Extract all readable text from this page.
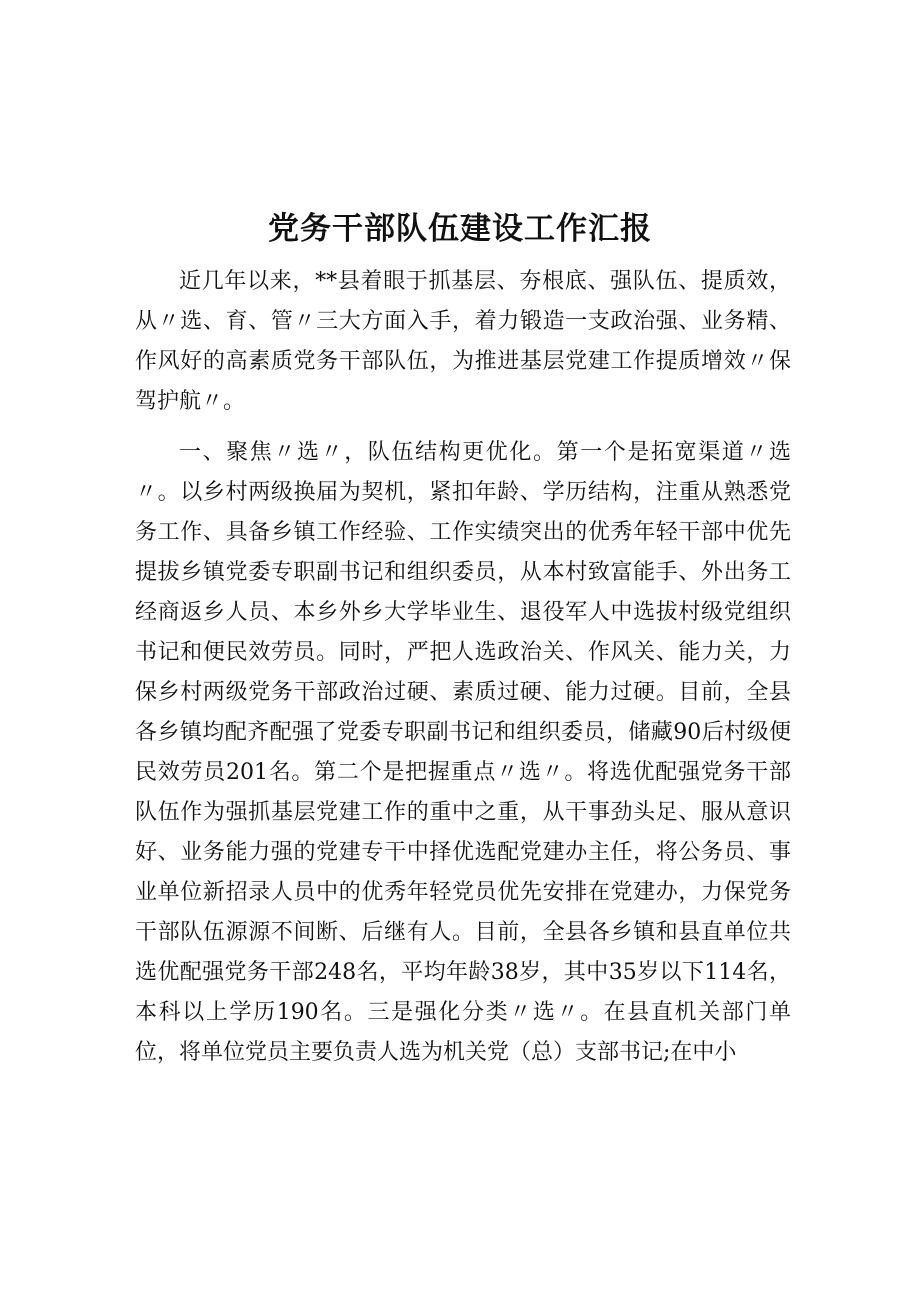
党务干部队伍建设工作汇报

近几年以来，**县着眼于抓基层、夯根底、强队伍、提质效，从〃选、育、管〃三大方面入手，着力锻造一支政治强、业务精、作风好的高素质党务干部队伍，为推进基层党建工作提质增效〃保驾护航〃。

一、聚焦〃选〃，队伍结构更优化。第一个是拓宽渠道〃选〃。以乡村两级换届为契机，紧扣年龄、学历结构，注重从熟悉党务工作、具备乡镇工作经验、工作实绩突出的优秀年轻干部中优先提拔乡镇党委专职副书记和组织委员，从本村致富能手、外出务工经商返乡人员、本乡外乡大学毕业生、退役军人中选拔村级党组织书记和便民效劳员。同时，严把人选政治关、作风关、能力关，力保乡村两级党务干部政治过硬、素质过硬、能力过硬。目前，全县各乡镇均配齐配强了党委专职副书记和组织委员，储藏90后村级便民效劳员201名。第二个是把握重点〃选〃。将选优配强党务干部队伍作为强抓基层党建工作的重中之重，从干事劲头足、服从意识好、业务能力强的党建专干中择优选配党建办主任，将公务员、事业单位新招录人员中的优秀年轻党员优先安排在党建办，力保党务干部队伍源源不间断、后继有人。目前，全县各乡镇和县直单位共选优配强党务干部248名，平均年龄38岁，其中35岁以下114名，本科以上学历190名。三是强化分类〃选〃。在县直机关部门单位，将单位党员主要负责人选为机关党（总）支部书记;在中小
